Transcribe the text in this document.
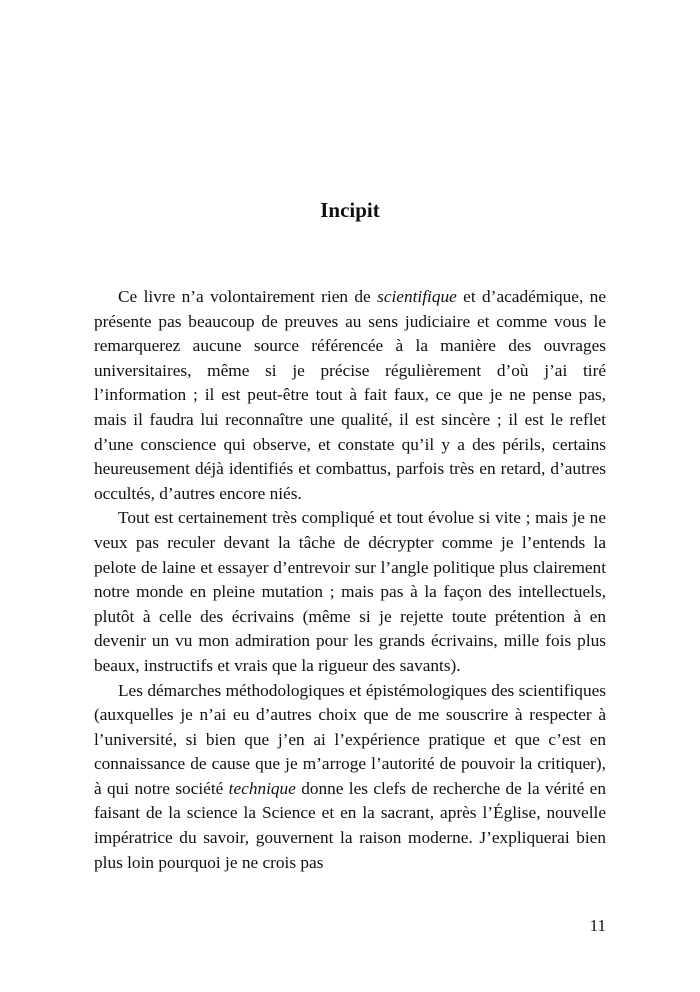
Incipit

Ce livre n’a volontairement rien de scientifique et d’académique, ne présente pas beaucoup de preuves au sens judiciaire et comme vous le remarquerez aucune source référencée à la manière des ouvrages universitaires, même si je précise régulièrement d’où j’ai tiré l’information ; il est peut-être tout à fait faux, ce que je ne pense pas, mais il faudra lui reconnaître une qualité, il est sincère ; il est le reflet d’une conscience qui observe, et constate qu’il y a des périls, certains heureusement déjà identifiés et combattus, parfois très en retard, d’autres occultés, d’autres encore niés.

Tout est certainement très compliqué et tout évolue si vite ; mais je ne veux pas reculer devant la tâche de décrypter comme je l’entends la pelote de laine et essayer d’entrevoir sur l’angle politique plus clairement notre monde en pleine mutation ; mais pas à la façon des intellectuels, plutôt à celle des écrivains (même si je rejette toute prétention à en devenir un vu mon admiration pour les grands écrivains, mille fois plus beaux, instructifs et vrais que la rigueur des savants).

Les démarches méthodologiques et épistémologiques des scientifiques (auxquelles je n’ai eu d’autres choix que de me souscrire à respecter à l’université, si bien que j’en ai l’expérience pratique et que c’est en connaissance de cause que je m’arroge l’autorité de pouvoir la critiquer), à qui notre société technique donne les clefs de recherche de la vérité en faisant de la science la Science et en la sacrant, après l’Église, nouvelle impératrice du savoir, gouvernent la raison moderne. J’expliquerai bien plus loin pourquoi je ne crois pas

11
